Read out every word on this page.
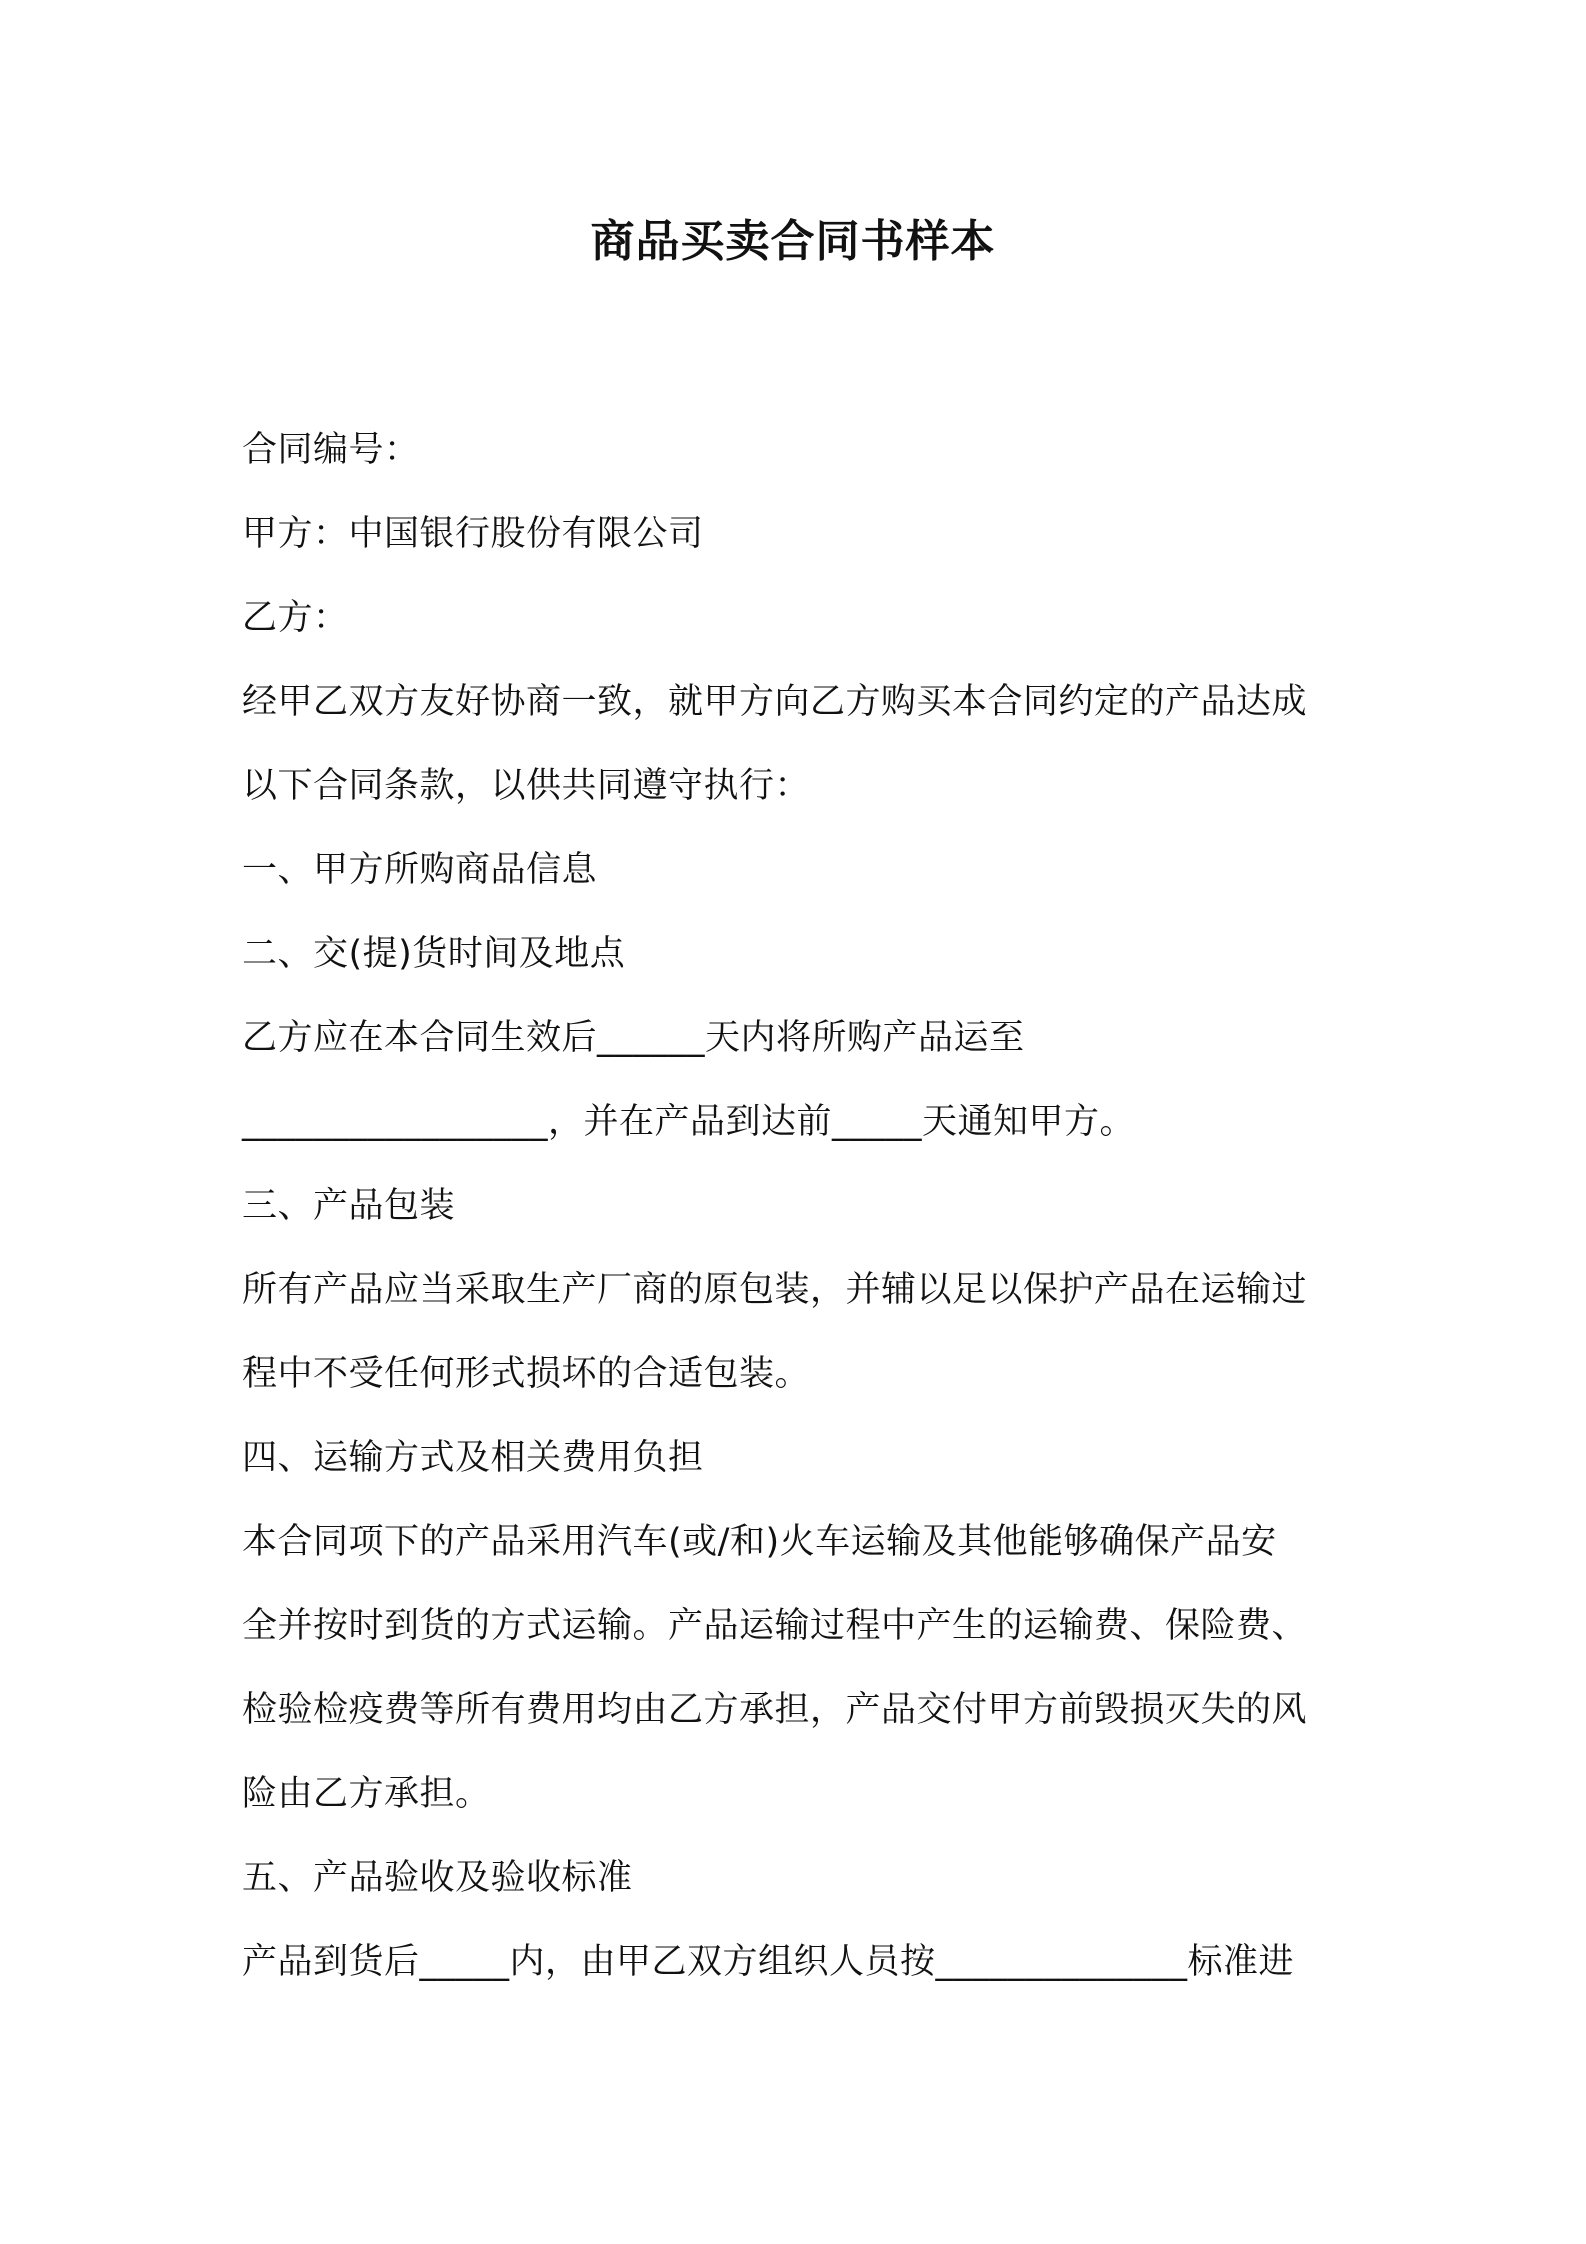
商品买卖合同书样本

合同编号：

甲方：中国银行股份有限公司

乙方：

经甲乙双方友好协商一致，就甲方向乙方购买本合同约定的产品达成

以下合同条款，以供共同遵守执行：

一、甲方所购商品信息

二、交(提)货时间及地点

乙方应在本合同生效后______天内将所购产品运至

_________________，并在产品到达前_____天通知甲方。

三、产品包装

所有产品应当采取生产厂商的原包装，并辅以足以保护产品在运输过

程中不受任何形式损坏的合适包装。

四、运输方式及相关费用负担

本合同项下的产品采用汽车(或/和)火车运输及其他能够确保产品安

全并按时到货的方式运输。产品运输过程中产生的运输费、保险费、

检验检疫费等所有费用均由乙方承担，产品交付甲方前毁损灭失的风

险由乙方承担。

五、产品验收及验收标准

产品到货后_____内，由甲乙双方组织人员按______________标准进
